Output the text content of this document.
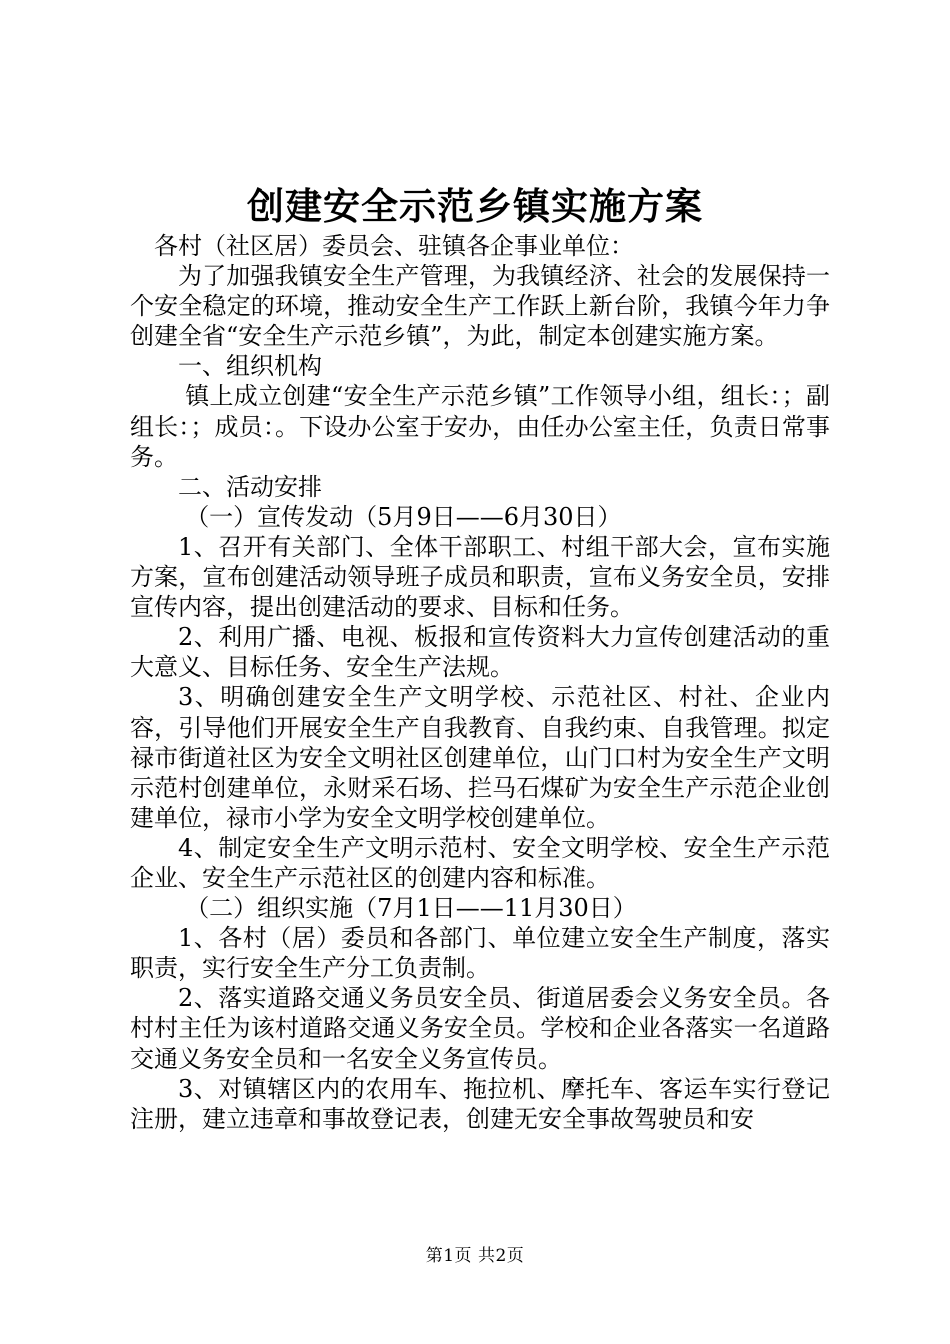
创建安全示范乡镇实施方案

各村（社区居）委员会、驻镇各企事业单位：

为了加强我镇安全生产管理，为我镇经济、社会的发展保持一个安全稳定的环境，推动安全生产工作跃上新台阶，我镇今年力争创建全省“安全生产示范乡镇”，为此，制定本创建实施方案。

一、组织机构

镇上成立创建“安全生产示范乡镇”工作领导小组，组长：；副组长：；成员：。下设办公室于安办，由任办公室主任，负责日常事务。

二、活动安排

（一）宣传发动（5月9日——6月30日）

1、召开有关部门、全体干部职工、村组干部大会，宣布实施方案，宣布创建活动领导班子成员和职责，宣布义务安全员，安排宣传内容，提出创建活动的要求、目标和任务。

2、利用广播、电视、板报和宣传资料大力宣传创建活动的重大意义、目标任务、安全生产法规。

3、明确创建安全生产文明学校、示范社区、村社、企业内容，引导他们开展安全生产自我教育、自我约束、自我管理。拟定禄市街道社区为安全文明社区创建单位，山门口村为安全生产文明示范村创建单位，永财采石场、拦马石煤矿为安全生产示范企业创建单位，禄市小学为安全文明学校创建单位。

4、制定安全生产文明示范村、安全文明学校、安全生产示范企业、安全生产示范社区的创建内容和标准。

（二）组织实施（7月1日——11月30日）

1、各村（居）委员和各部门、单位建立安全生产制度，落实职责，实行安全生产分工负责制。

2、落实道路交通义务员安全员、街道居委会义务安全员。各村村主任为该村道路交通义务安全员。学校和企业各落实一名道路交通义务安全员和一名安全义务宣传员。

3、对镇辖区内的农用车、拖拉机、摩托车、客运车实行登记注册，建立违章和事故登记表，创建无安全事故驾驶员和安

第1页 共2页
